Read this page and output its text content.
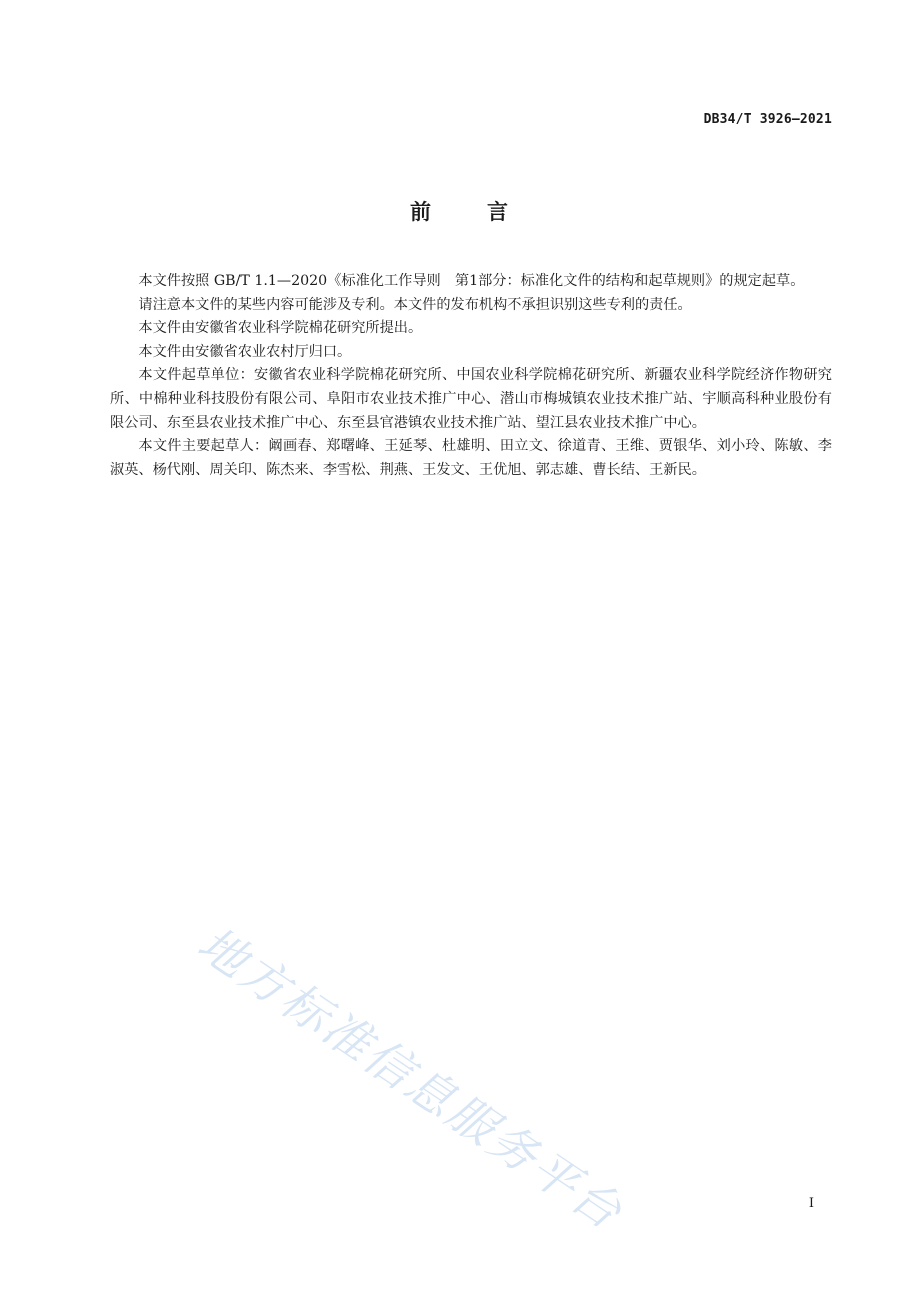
DB34/T 3926—2021
前	言

本文件按照 GB/T 1.1—2020《标准化工作导则　第1部分：标准化文件的结构和起草规则》的规定起草。

请注意本文件的某些内容可能涉及专利。本文件的发布机构不承担识别这些专利的责任。

本文件由安徽省农业科学院棉花研究所提出。

本文件由安徽省农业农村厅归口。

本文件起草单位：安徽省农业科学院棉花研究所、中国农业科学院棉花研究所、新疆农业科学院经济作物研究所、中棉种业科技股份有限公司、阜阳市农业技术推广中心、潜山市梅城镇农业技术推广站、宇顺高科种业股份有限公司、东至县农业技术推广中心、东至县官港镇农业技术推广站、望江县农业技术推广中心。

本文件主要起草人：阚画春、郑曙峰、王延琴、杜雄明、田立文、徐道青、王维、贾银华、刘小玲、陈敏、李淑英、杨代刚、周关印、陈杰来、李雪松、荆燕、王发文、王优旭、郭志雄、曹长结、王新民。

地方标准信息服务平台	I
